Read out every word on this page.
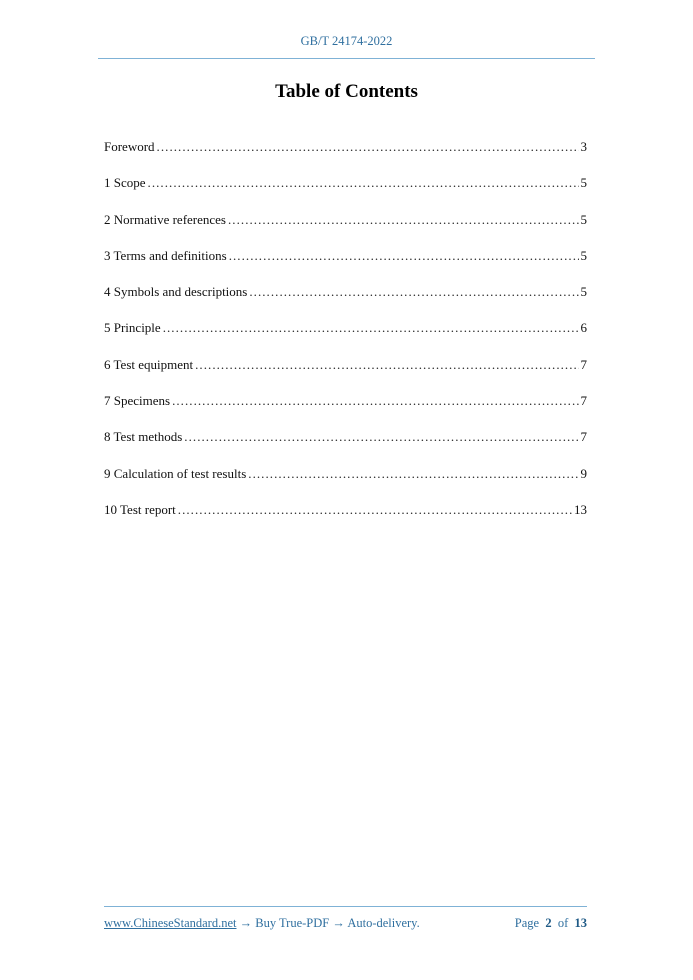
GB/T 24174-2022
Table of Contents
Foreword . . .	3
1 Scope . . .	5
2 Normative references . . .	5
3 Terms and definitions . . .	5
4 Symbols and descriptions . . .	5
5 Principle . . .	6
6 Test equipment . . .	7
7 Specimens . . .	7
8 Test methods . . .	7
9 Calculation of test results . . .	9
10 Test report . . .	13
www.ChineseStandard.net → Buy True-PDF → Auto-delivery.	Page 2 of 13
